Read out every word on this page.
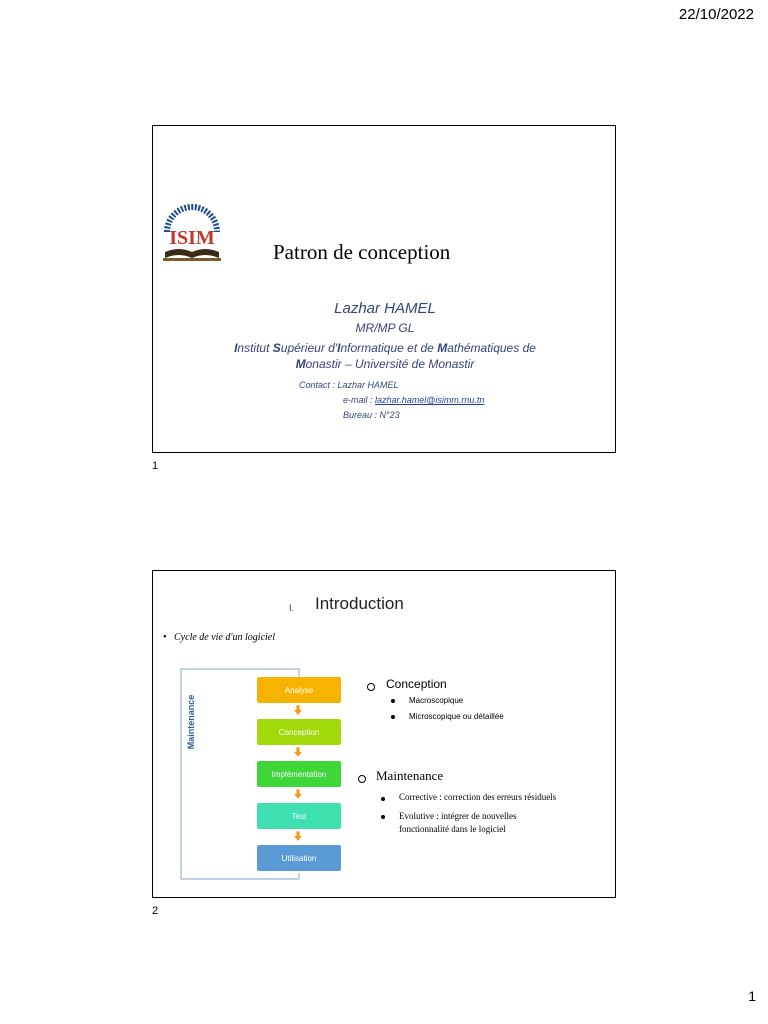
22/10/2022
ISIM
Patron de conception
Lazhar HAMEL
MR/MP GL
Institut Supérieur d'Informatique et de Mathématiques de
Monastir – Université de Monastir
Contact : Lazhar HAMEL
e-mail : lazhar.hamel@isimm.rnu.tn
Bureau : N°23
1
I. Introduction
•   Cycle de vie d'un logiciel
Maintenance
Analyse
Conception
Implémentation
Test
Utilisation
Conception
Macroscopique
Microscopique ou détaillée
Maintenance
Corrective : correction des erreurs résiduels
Evolutive : intégrer de nouvelles
fonctionnalité dans le logiciel
2
1
